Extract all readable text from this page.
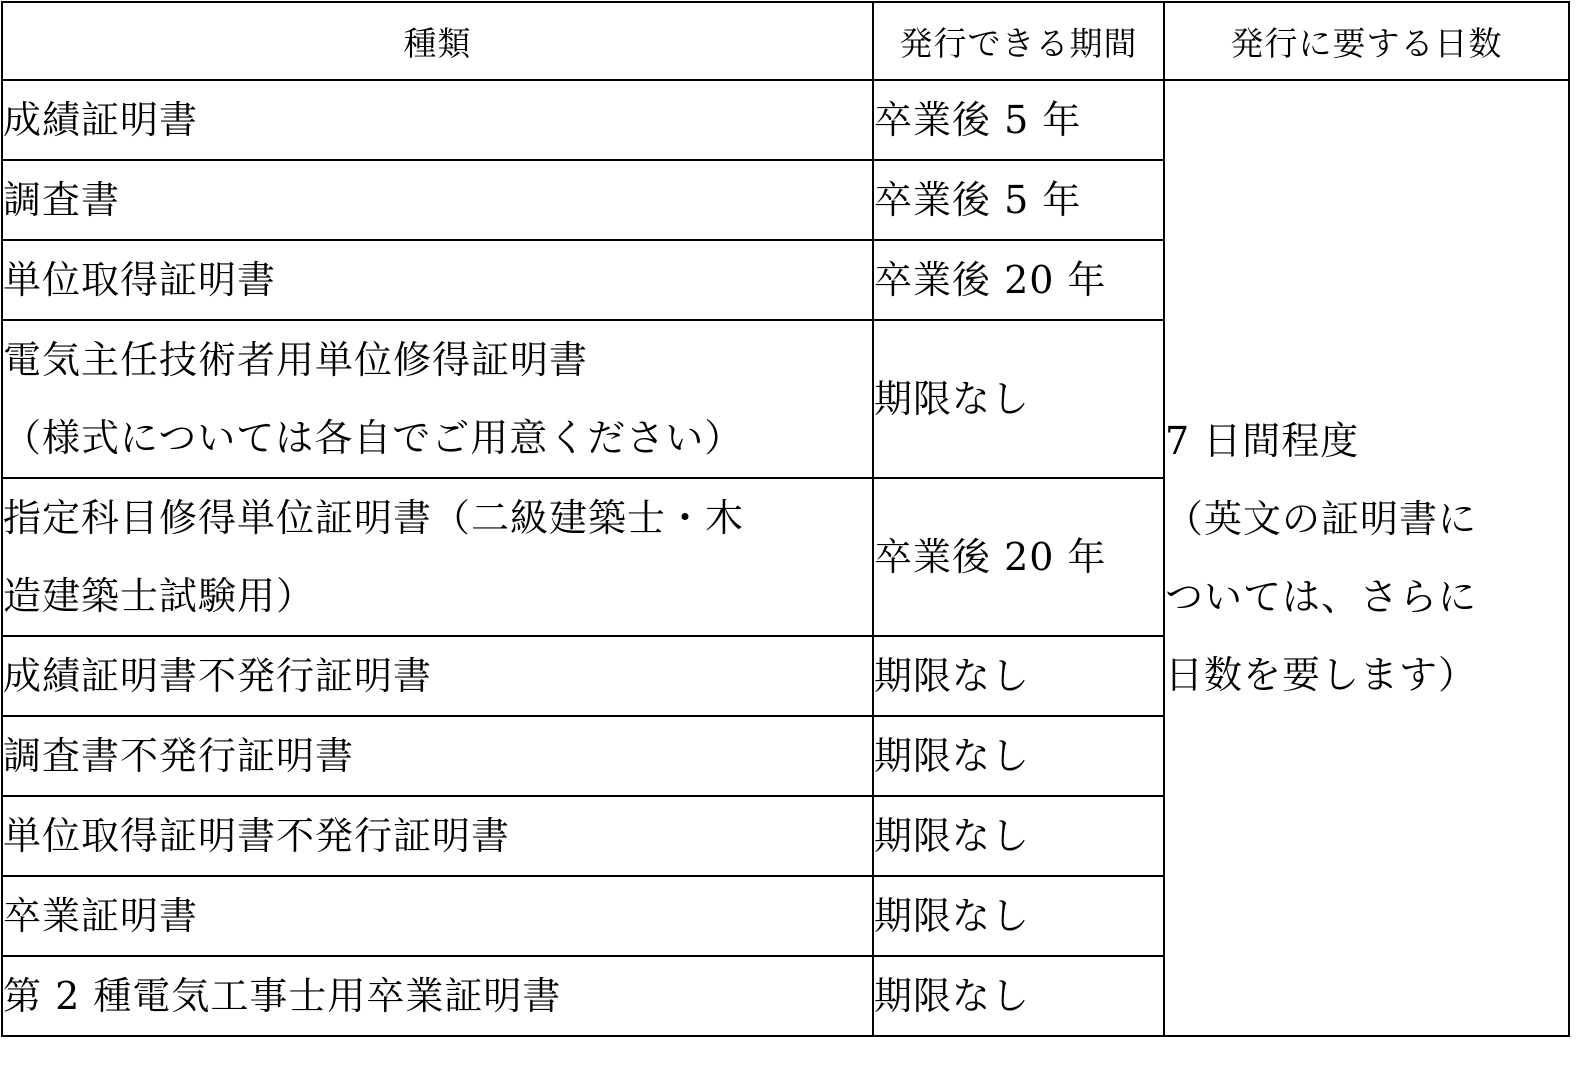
種類	発行できる期間	発行に要する日数

成績証明書	卒業後 5 年	7 日間程度
（英文の証明書に
ついては、さらに
日数を要します）

調査書	卒業後 5 年	

単位取得証明書	卒業後 20 年	

電気主任技術者用単位修得証明書
（様式については各自でご用意ください）	期限なし	

指定科目修得単位証明書（二級建築士・木
造建築士試験用）	卒業後 20 年	

成績証明書不発行証明書	期限なし	

調査書不発行証明書	期限なし	

単位取得証明書不発行証明書	期限なし	

卒業証明書	期限なし	

第 2 種電気工事士用卒業証明書	期限なし	
